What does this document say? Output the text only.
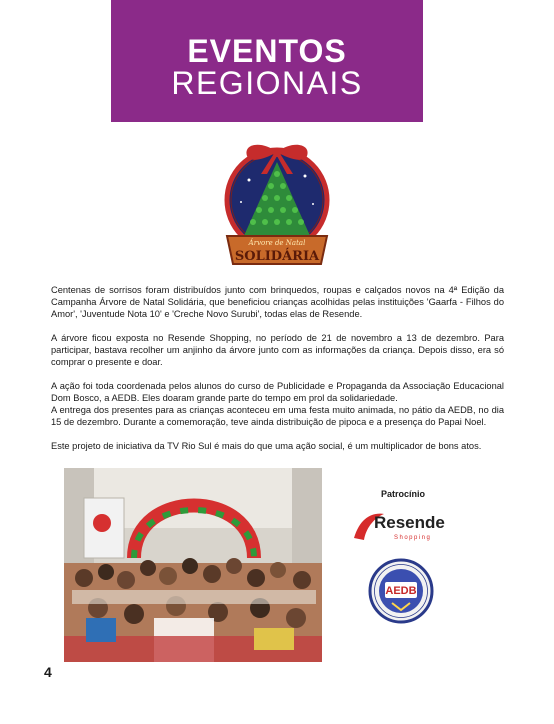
EVENTOS
REGIONAIS
Árvore de Natal
SOLIDÁRIA

Centenas de sorrisos foram distribuídos junto com brinquedos, roupas e calçados novos na 4ª Edição da Campanha Árvore de Natal Solidária, que beneficiou crianças acolhidas pelas instituições 'Gaarfa - Filhos do Amor', 'Juventude Nota 10' e 'Creche Novo Surubi', todas elas de Resende.

A árvore ficou exposta no Resende Shopping, no período de 21 de novembro a 13 de dezembro. Para participar, bastava recolher um anjinho da árvore junto com as informações da criança. Depois disso, era só comprar o presente e doar.

A ação foi toda coordenada pelos alunos do curso de Publicidade e Propaganda da Associação Educacional Dom Bosco, a AEDB. Eles doaram grande parte do tempo em prol da solidariedade.

A entrega dos presentes para as crianças aconteceu em uma festa muito animada, no pátio da AEDB, no dia 15 de dezembro. Durante a comemoração, teve ainda distribuição de pipoca e a presença do Papai Noel.

Este projeto de iniciativa da TV Rio Sul é mais do que uma ação social, é um multiplicador de bons atos.

Patrocínio
Resende
Shopping
AEDB
4
